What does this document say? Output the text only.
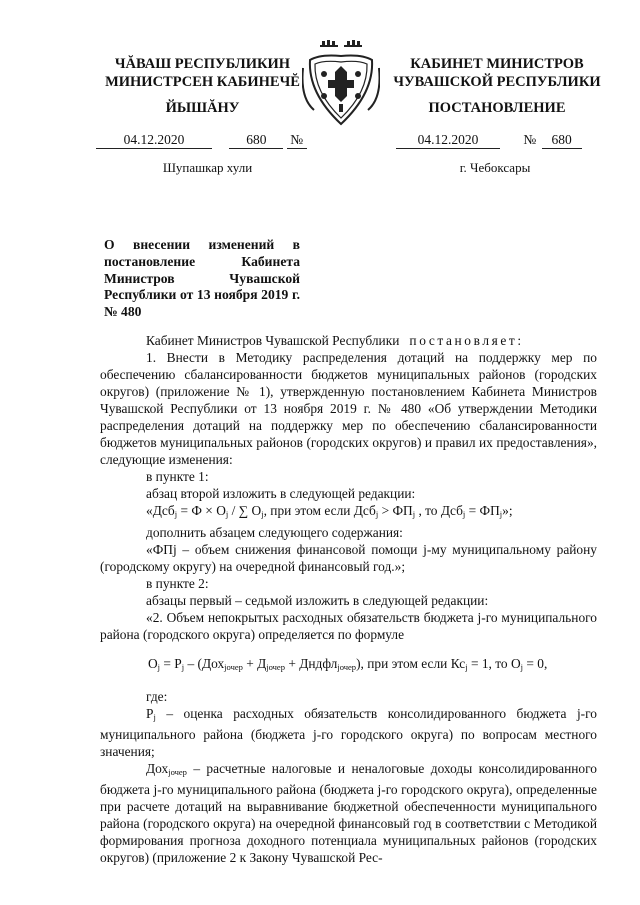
ЧĂВАШ РЕСПУБЛИКИН
МИНИСТРСЕН КАБИНЕЧĔ
КАБИНЕТ МИНИСТРОВ
ЧУВАШСКОЙ РЕСПУБЛИКИ
ЙЫШĂНУ	ПОСТАНОВЛЕНИЕ
04.12.2020	680 №	04.12.2020	№ 680
Шупашкар хули	г. Чебоксары
О внесении изменений в постановление Кабинета Министров Чувашской Республики от 13 ноября 2019 г. № 480

Кабинет Министров Чувашской Республики постановляет:

1. Внести в Методику распределения дотаций на поддержку мер по обеспечению сбалансированности бюджетов муниципальных районов (городских округов) (приложение № 1), утвержденную постановлением Кабинета Министров Чувашской Республики от 13 ноября 2019 г. № 480 «Об утверждении Методики распределения дотаций на поддержку мер по обеспечению сбалансированности бюджетов муниципальных районов (городских округов) и правил их предоставления», следующие изменения:

в пункте 1:

абзац второй изложить в следующей редакции:

«$Дсб_j = Ф \times О_j$ / ∑ $О_j$, при этом если $Дсб_j > ФП_j$ , то $Дсб_j = ФП_j$»;

дополнить абзацем следующего содержания:

«ФПj – объем снижения финансовой помощи j-му муниципальному району (городскому округу) на очередной финансовый год.»;

в пункте 2:

абзацы первый – седьмой изложить в следующей редакции:

«2. Объем непокрытых расходных обязательств бюджета j-го муниципального района (городского округа) определяется по формуле

$О_j = Р_j - (Дох_{jочер} + Д_{jочер}$ + Дндфл$_{jочер}$), при этом если $Кс_j = 1$, то $О_j = 0$,

где:

$Р_j$ – оценка расходных обязательств консолидированного бюджета j-го муниципального района (бюджета j-го городского округа) по вопросам местного значения;

Дох$_{jочер}$ – расчетные налоговые и неналоговые доходы консолидированного бюджета j-го муниципального района (бюджета j-го городского округа), определенные при расчете дотаций на выравнивание бюджетной обеспеченности муниципального района (городского округа) на очередной финансовый год в соответствии с Методикой формирования прогноза доходного потенциала муниципальных районов (городских округов) (приложение 2 к Закону Чувашской Рес-
